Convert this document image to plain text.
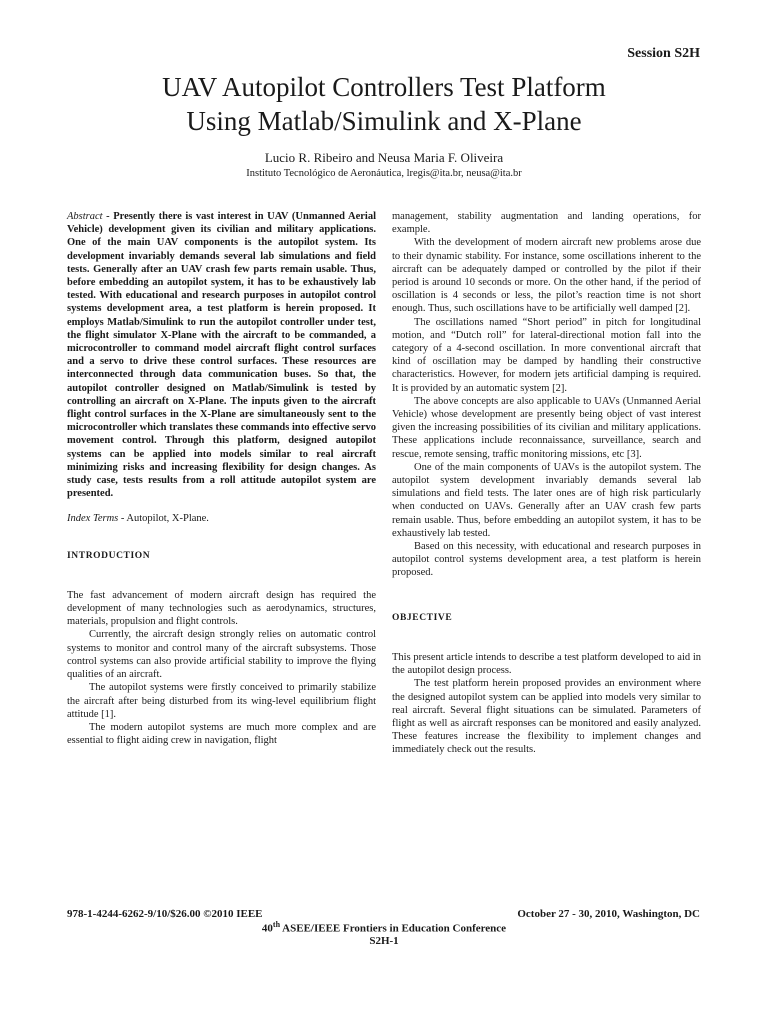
Session S2H
UAV Autopilot Controllers Test Platform
Using Matlab/Simulink and X-Plane
Lucio R. Ribeiro and Neusa Maria F. Oliveira
Instituto Tecnológico de Aeronáutica, lregis@ita.br, neusa@ita.br

Abstract - Presently there is vast interest in UAV (Unmanned Aerial Vehicle) development given its civilian and military applications. One of the main UAV components is the autopilot system. Its development invariably demands several lab simulations and field tests. Generally after an UAV crash few parts remain usable. Thus, before embedding an autopilot system, it has to be exhaustively lab tested. With educational and research purposes in autopilot control systems development area, a test platform is herein proposed. It employs Matlab/Simulink to run the autopilot controller under test, the flight simulator X-Plane with the aircraft to be commanded, a microcontroller to command model aircraft flight control surfaces and a servo to drive these control surfaces. These resources are interconnected through data communication buses. So that, the autopilot controller designed on Matlab/Simulink is tested by controlling an aircraft on X-Plane. The inputs given to the aircraft flight control surfaces in the X-Plane are simultaneously sent to the microcontroller which translates these commands into effective servo movement control. Through this platform, designed autopilot systems can be applied into models similar to real aircraft minimizing risks and increasing flexibility for design changes. As study case, tests results from a roll attitude autopilot system are presented.

Index Terms - Autopilot, X-Plane.

INTRODUCTION

The fast advancement of modern aircraft design has required the development of many technologies such as aerodynamics, structures, materials, propulsion and flight controls.

Currently, the aircraft design strongly relies on automatic control systems to monitor and control many of the aircraft subsystems. Those control systems can also provide artificial stability to improve the flying qualities of an aircraft.

The autopilot systems were firstly conceived to primarily stabilize the aircraft after being disturbed from its wing-level equilibrium flight attitude [1].

The modern autopilot systems are much more complex and are essential to flight aiding crew in navigation, flight

management, stability augmentation and landing operations, for example.

With the development of modern aircraft new problems arose due to their dynamic stability. For instance, some oscillations inherent to the aircraft can be adequately damped or controlled by the pilot if their period is around 10 seconds or more. On the other hand, if the period of oscillation is 4 seconds or less, the pilot’s reaction time is not short enough. Thus, such oscillations have to be artificially well damped [2].

The oscillations named “Short period” in pitch for longitudinal motion, and “Dutch roll” for lateral-directional motion fall into the category of a 4-second oscillation. In more conventional aircraft that kind of oscillation may be damped by handling their constructive characteristics. However, for modern jets artificial damping is required. It is provided by an automatic system [2].

The above concepts are also applicable to UAVs (Unmanned Aerial Vehicle) whose development are presently being object of vast interest given the increasing possibilities of its civilian and military applications. These applications include reconnaissance, surveillance, search and rescue, remote sensing, traffic monitoring missions, etc [3].

One of the main components of UAVs is the autopilot system. The autopilot system development invariably demands several lab simulations and field tests. The later ones are of high risk particularly when conducted on UAVs. Generally after an UAV crash few parts remain usable. Thus, before embedding an autopilot system, it has to be exhaustively lab tested.

Based on this necessity, with educational and research purposes in autopilot control systems development area, a test platform is herein proposed.

OBJECTIVE

This present article intends to describe a test platform developed to aid in the autopilot design process.

The test platform herein proposed provides an environment where the designed autopilot system can be applied into models very similar to real aircraft. Several flight situations can be simulated. Parameters of flight as well as aircraft responses can be monitored and easily analyzed. These features increase the flexibility to implement changes and immediately check out the results.

978-1-4244-6262-9/10/$26.00 ©2010 IEEE	October 27 - 30, 2010, Washington, DC
40th ASEE/IEEE Frontiers in Education Conference
S2H-1
